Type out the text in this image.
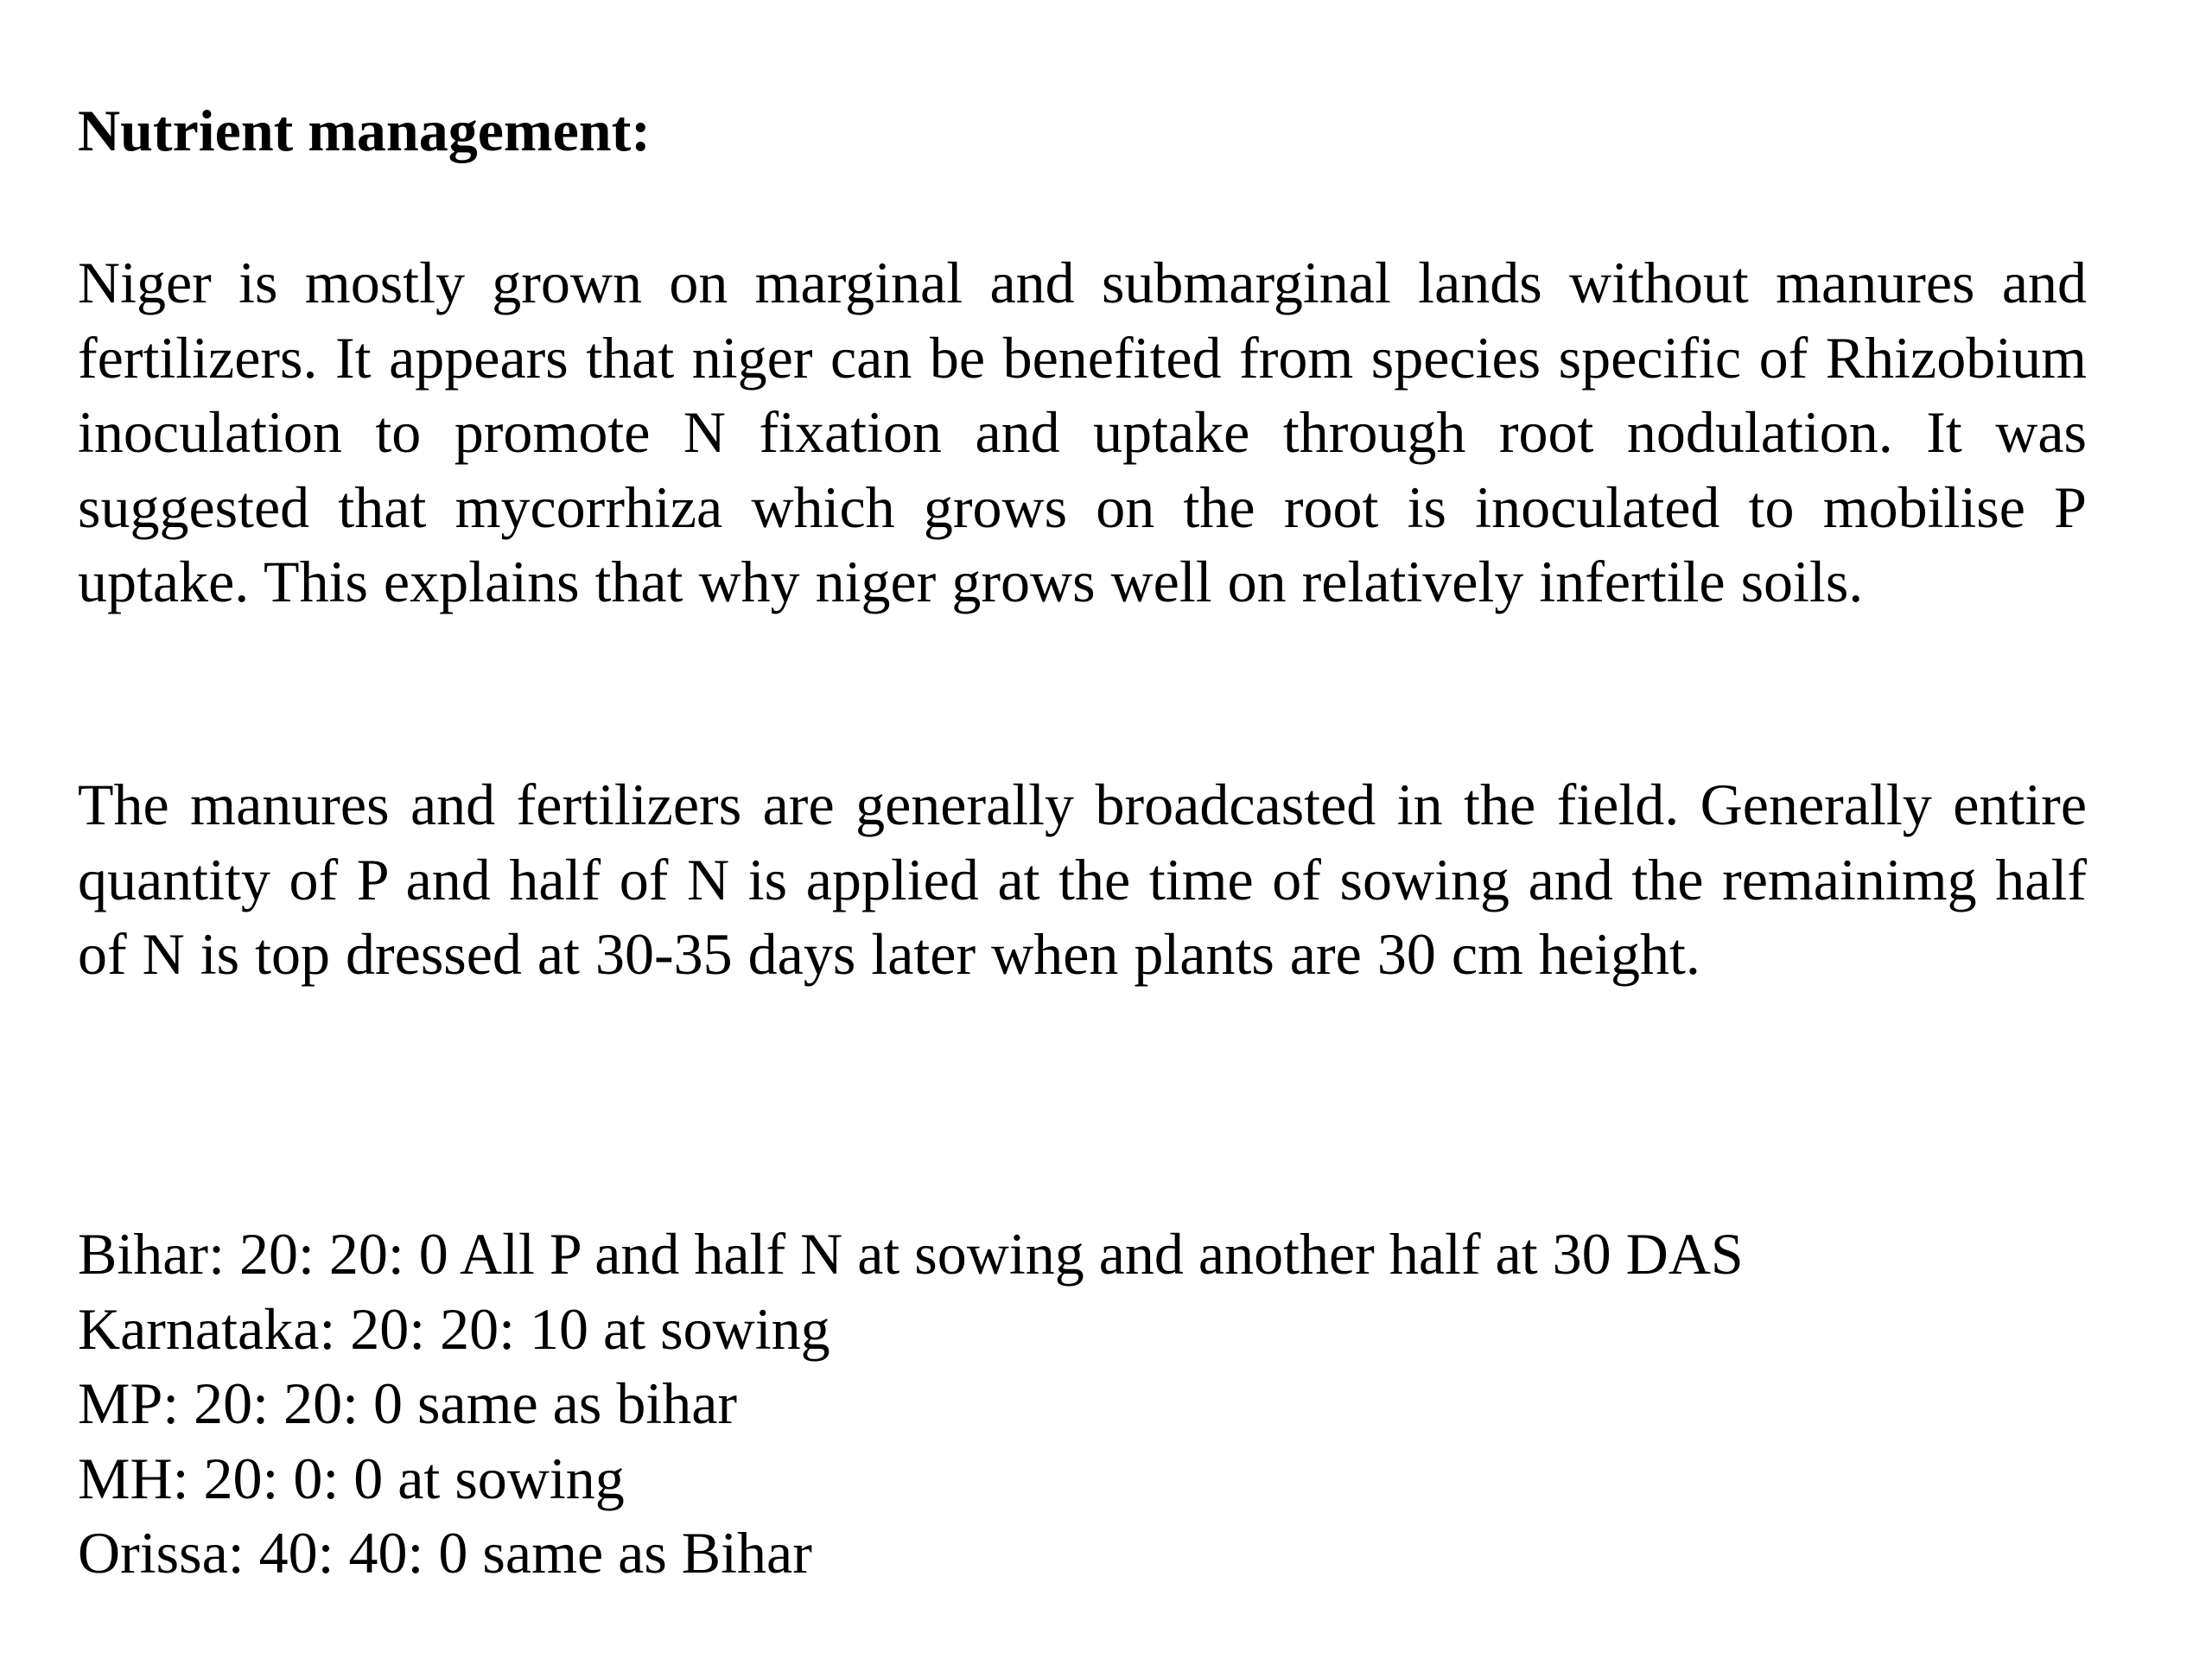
Nutrient management:

Niger is mostly grown on marginal and submarginal lands without manures and fertilizers. It appears that niger can be benefited from species specific of Rhizobium inoculation to promote N fixation and uptake through root nodulation. It was suggested that mycorrhiza which grows on the root is inoculated to mobilise P uptake. This explains that why niger grows well on relatively infertile soils.

The manures and fertilizers are generally broadcasted in the field. Generally entire quantity of P and half of N is applied at the time of sowing and the remainimg half of N is top dressed at 30-35 days later when plants are 30 cm height.

Bihar: 20: 20: 0 All P and half N at sowing and another half at 30 DAS
Karnataka: 20: 20: 10 at sowing
MP: 20: 20: 0 same as bihar
MH: 20: 0: 0 at sowing
Orissa: 40: 40: 0 same as Bihar
